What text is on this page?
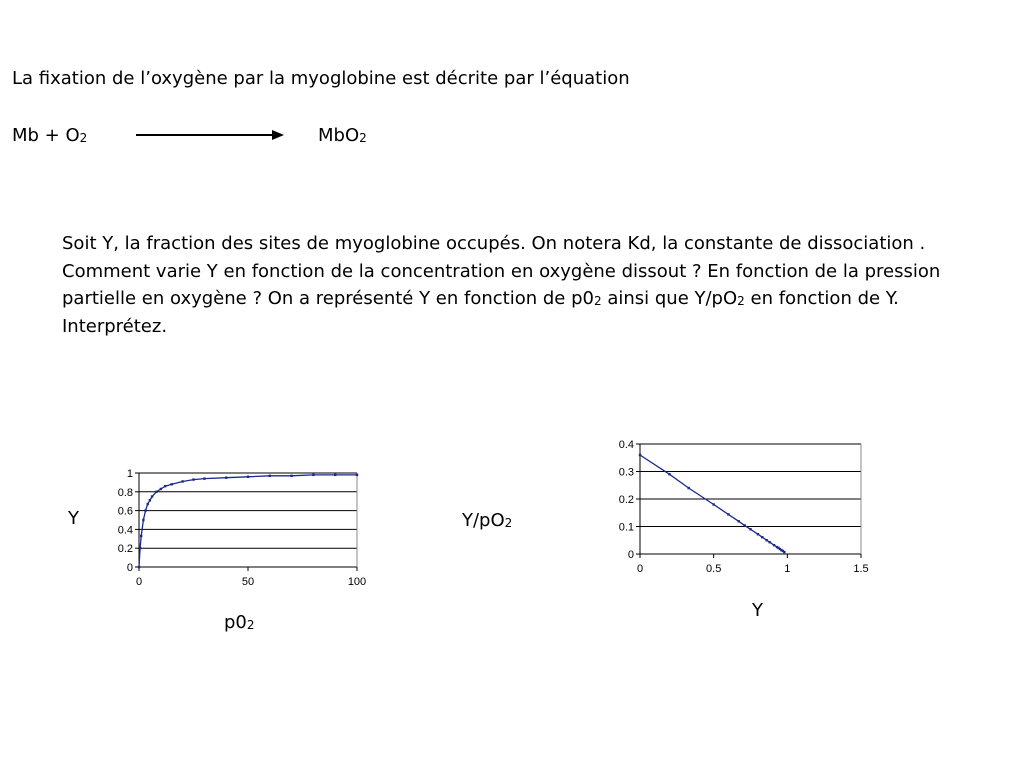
La fixation de l’oxygène par la myoglobine est décrite par l’équation
$Mb + O_2$	MbO$_2$
Soit Y, la fraction des sites de myoglobine occupés. On notera Kd, la constante de dissociation . Comment varie Y en fonction de la concentration en oxygène dissout ? En fonction de la pression partielle en oxygène ? On a représenté Y en fonction de $p0_2$ ainsi que $Y/pO_2$ en fonction de Y. Interprétez.
Y
0
0.2
0.4
0.6
0.8
1
0	50	100
$p0_2$
$Y/pO_2$
0
0.1
0.2
0.3
0.4
0	0.5	1	1.5
Y
